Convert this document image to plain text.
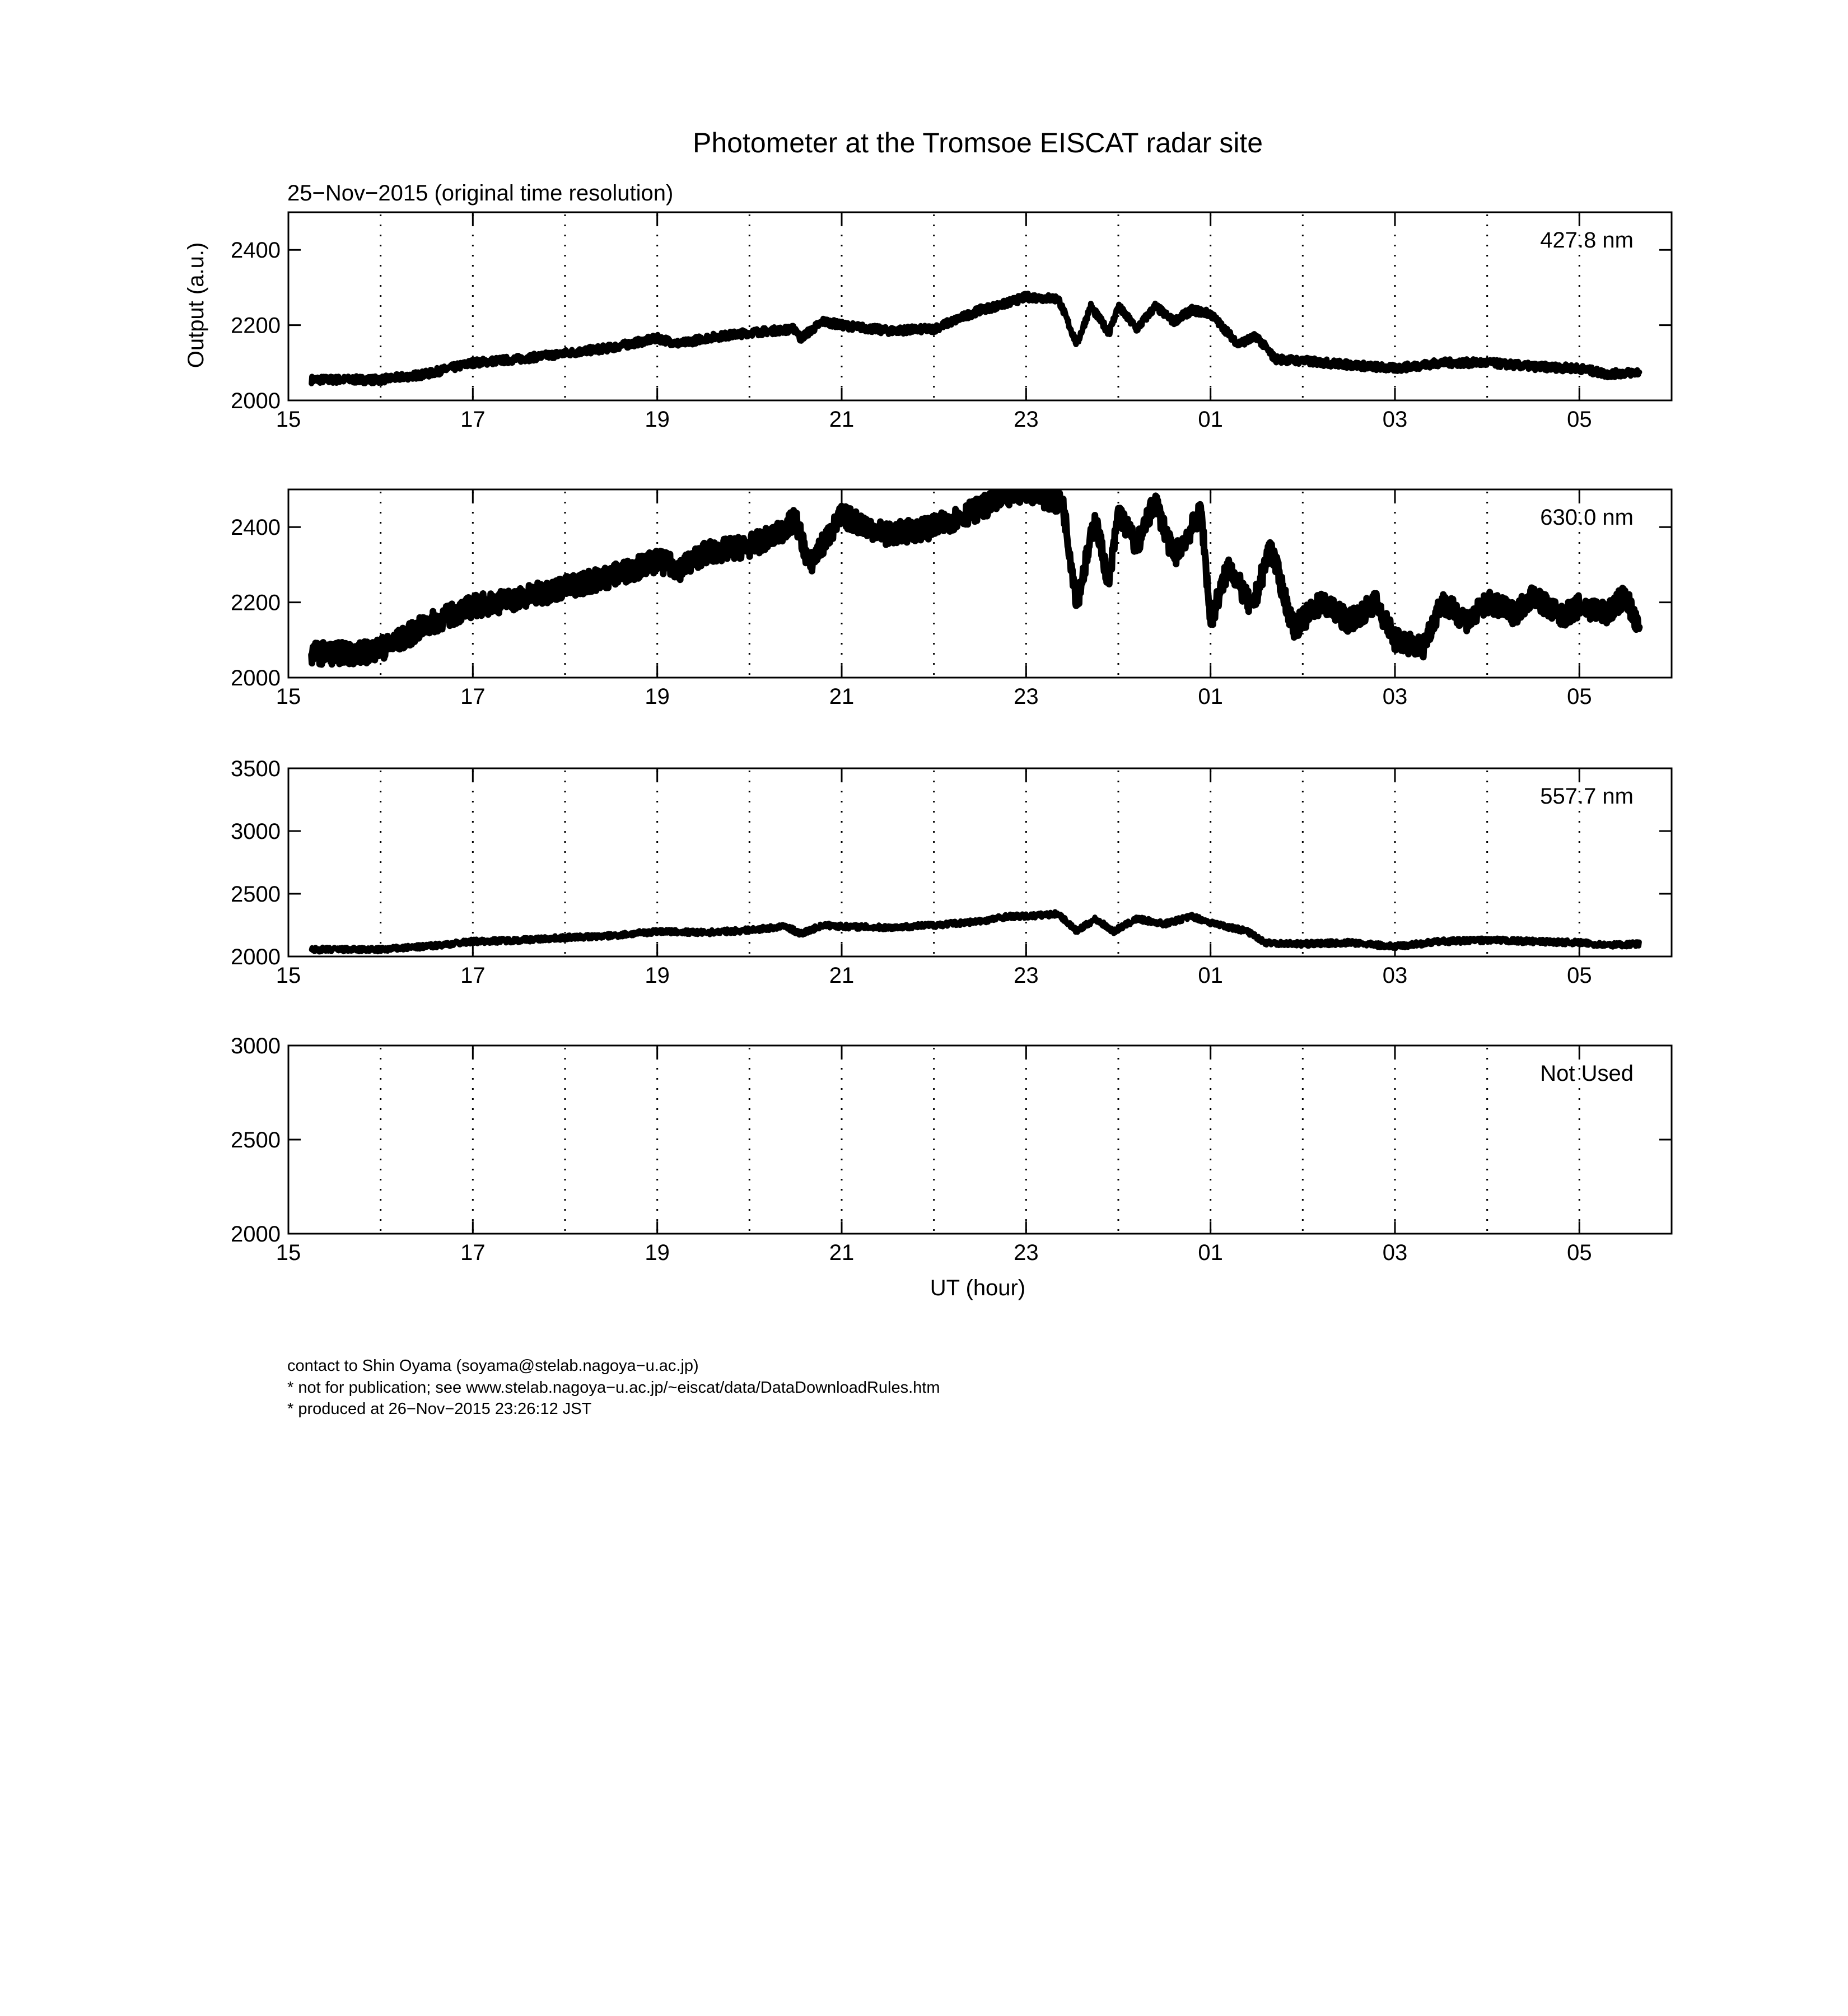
Photometer at the Tromsoe EISCAT radar site
25−Nov−2015 (original time resolution)
Output (a.u.)
UT (hour)
15	17	19	21	23	01	03	05
2000
2200
2400	427.8 nm
15	17	19	21	23	01	03	05
2000
2200
2400	630.0 nm
15	17	19	21	23	01	03	05
2000
2500
3000
3500
557.7 nm
15	17	19	21	23	01	03	05
2000
2500
3000
Not Used
contact to Shin Oyama (soyama@stelab.nagoya−u.ac.jp)
* not for publication; see www.stelab.nagoya−u.ac.jp/~eiscat/data/DataDownloadRules.htm
* produced at 26−Nov−2015 23:26:12 JST
